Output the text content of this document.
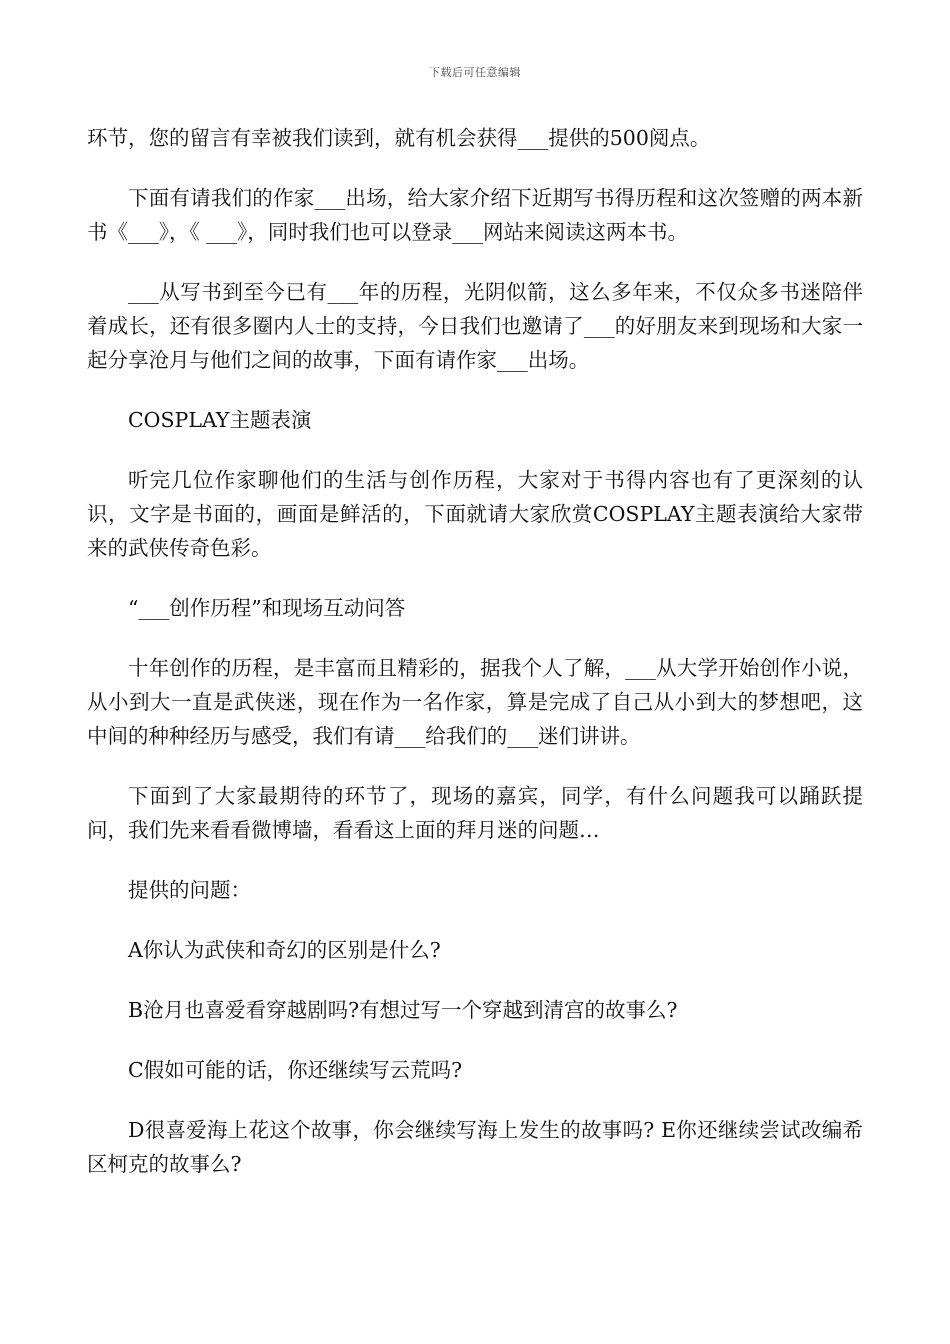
下载后可任意编辑

环节，您的留言有幸被我们读到，就有机会获得___提供的500阅点。

下面有请我们的作家___出场，给大家介绍下近期写书得历程和这次签赠的两本新书《___》，《 ___》，同时我们也可以登录___网站来阅读这两本书。

___从写书到至今已有___年的历程，光阴似箭，这么多年来，不仅众多书迷陪伴着成长，还有很多圈内人士的支持，今日我们也邀请了___的好朋友来到现场和大家一起分享沧月与他们之间的故事，下面有请作家___出场。

COSPLAY主题表演

听完几位作家聊他们的生活与创作历程，大家对于书得内容也有了更深刻的认识，文字是书面的，画面是鲜活的，下面就请大家欣赏COSPLAY主题表演给大家带来的武侠传奇色彩。

“___创作历程”和现场互动问答

十年创作的历程，是丰富而且精彩的，据我个人了解，___从大学开始创作小说，从小到大一直是武侠迷，现在作为一名作家，算是完成了自己从小到大的梦想吧，这中间的种种经历与感受，我们有请___给我们的___迷们讲讲。

下面到了大家最期待的环节了，现场的嘉宾，同学，有什么问题我可以踊跃提问，我们先来看看微博墙，看看这上面的拜月迷的问题…

提供的问题：

A你认为武侠和奇幻的区别是什么?

B沧月也喜爱看穿越剧吗?有想过写一个穿越到清宫的故事么?

C假如可能的话，你还继续写云荒吗?

D很喜爱海上花这个故事，你会继续写海上发生的故事吗? E你还继续尝试改编希区柯克的故事么?
